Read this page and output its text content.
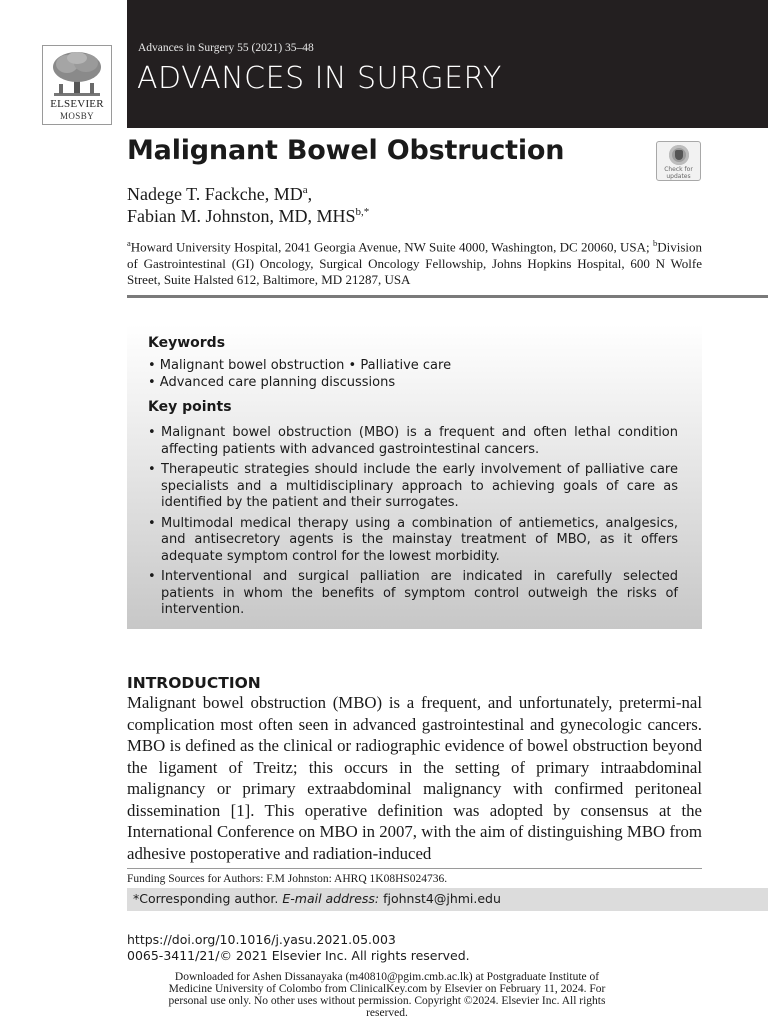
ELSEVIER
MOSBY
Advances in Surgery 55 (2021) 35–48
ADVANCES IN SURGERY
Malignant Bowel Obstruction
Check for
updates
Nadege T. Fackche, $MD^a$,
Fabian M. Johnston, MD, $MHS^{b,*}$
$^a$Howard University Hospital, 2041 Georgia Avenue, NW Suite 4000, Washington, DC 20060, USA; $^b$Division of Gastrointestinal (GI) Oncology, Surgical Oncology Fellowship, Johns Hopkins Hospital, 600 N Wolfe Street, Suite Halsted 612, Baltimore, MD 21287, USA
Keywords
• Malignant bowel obstruction • Palliative care
• Advanced care planning discussions
Key points
• Malignant bowel obstruction (MBO) is a frequent and often lethal condition affecting patients with advanced gastrointestinal cancers.
• Therapeutic strategies should include the early involvement of palliative care specialists and a multidisciplinary approach to achieving goals of care as identified by the patient and their surrogates.
• Multimodal medical therapy using a combination of antiemetics, analgesics, and antisecretory agents is the mainstay treatment of MBO, as it offers adequate symptom control for the lowest morbidity.
• Interventional and surgical palliation are indicated in carefully selected patients in whom the benefits of symptom control outweigh the risks of intervention.
INTRODUCTION

Malignant bowel obstruction (MBO) is a frequent, and unfortunately, pretermi-nal complication most often seen in advanced gastrointestinal and gynecologic cancers. MBO is defined as the clinical or radiographic evidence of bowel obstruction beyond the ligament of Treitz; this occurs in the setting of primary intraabdominal malignancy or primary extraabdominal malignancy with confirmed peritoneal dissemination [1]. This operative definition was adopted by consensus at the International Conference on MBO in 2007, with the aim of distinguishing MBO from adhesive postoperative and radiation-induced

Funding Sources for Authors: F.M Johnston: AHRQ 1K08HS024736.
*Corresponding author. E-mail address: fjohnst4@jhmi.edu
https://doi.org/10.1016/j.yasu.2021.05.003
0065-3411/21/© 2021 Elsevier Inc. All rights reserved.
Downloaded for Ashen Dissanayaka (m40810@pgim.cmb.ac.lk) at Postgraduate Institute of
Medicine University of Colombo from ClinicalKey.com by Elsevier on February 11, 2024. For
personal use only. No other uses without permission. Copyright ©2024. Elsevier Inc. All rights
reserved.
